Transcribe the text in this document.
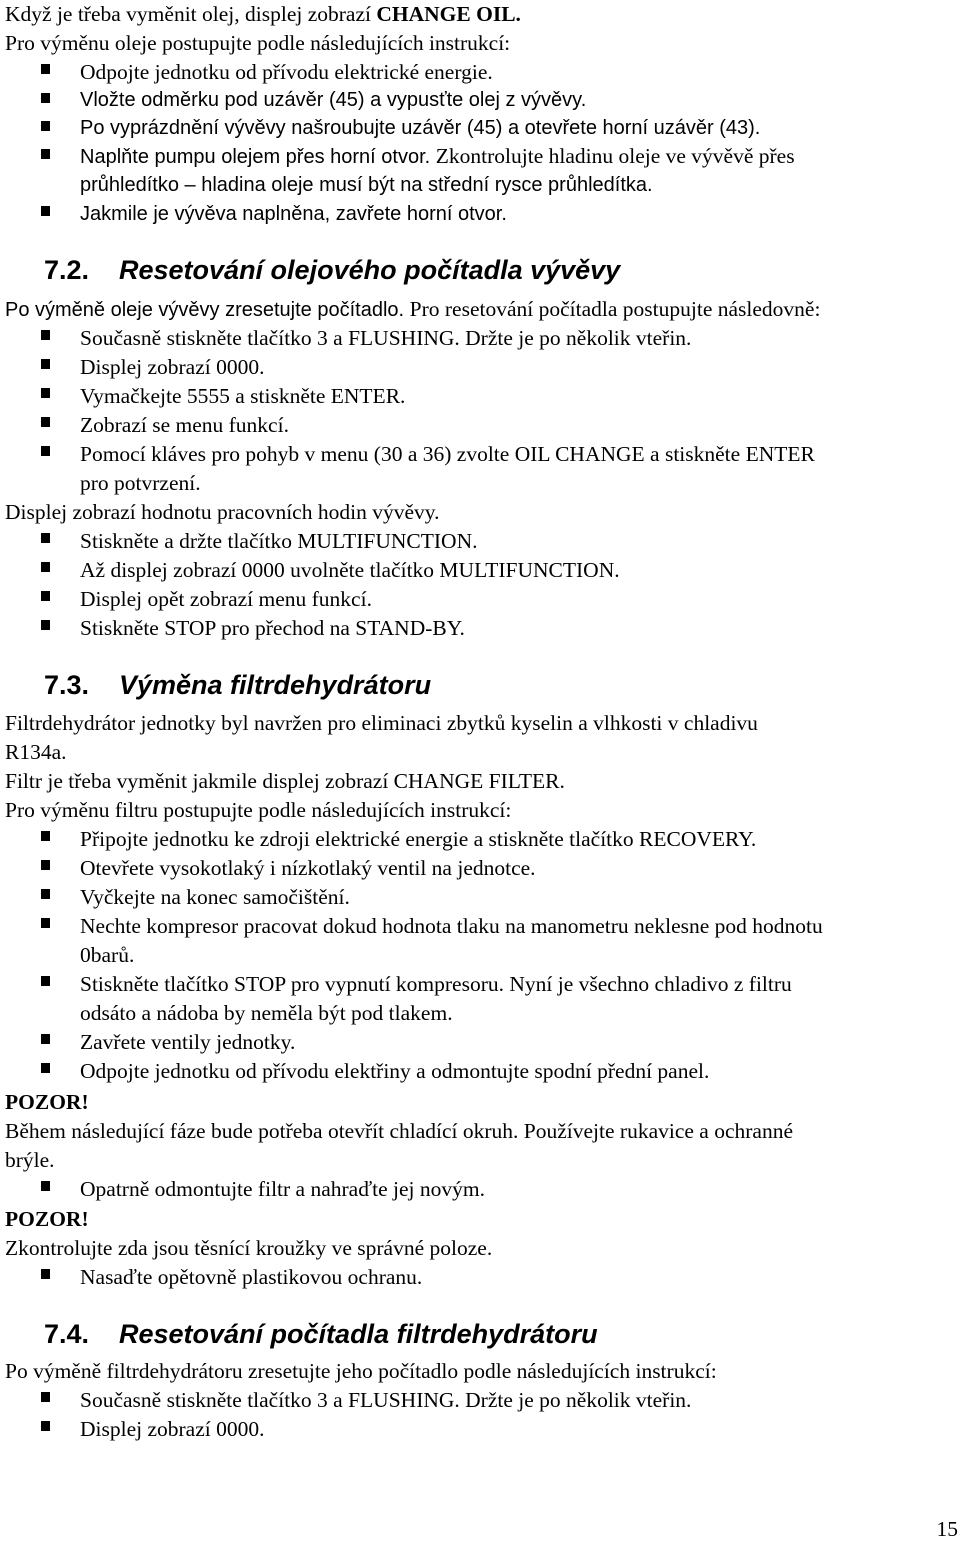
Když je třeba vyměnit olej, displej zobrazí CHANGE OIL.
Pro výměnu oleje postupujte podle následujících instrukcí:
Odpojte jednotku od přívodu elektrické energie.
Vložte odměrku pod uzávěr (45) a vypusťte olej z vývěvy.
Po vyprázdnění vývěvy našroubujte uzávěr (45) a otevřete horní uzávěr (43).
Naplňte pumpu olejem přes horní otvor. Zkontrolujte hladinu oleje ve vývěvě přes
průhledítko – hladina oleje musí být na střední rysce průhledítka.
Jakmile je vývěva naplněna, zavřete horní otvor.
7.2. Resetování olejového počítadla vývěvy
Po výměně oleje vývěvy zresetujte počítadlo. Pro resetování počítadla postupujte následovně:
Současně stiskněte tlačítko 3 a FLUSHING. Držte je po několik vteřin.
Displej zobrazí 0000.
Vymačkejte 5555 a stiskněte ENTER.
Zobrazí se menu funkcí.
Pomocí kláves pro pohyb v menu (30 a 36) zvolte OIL CHANGE a stiskněte ENTER
pro potvrzení.
Displej zobrazí hodnotu pracovních hodin vývěvy.
Stiskněte a držte tlačítko MULTIFUNCTION.
Až displej zobrazí 0000 uvolněte tlačítko MULTIFUNCTION.
Displej opět zobrazí menu funkcí.
Stiskněte STOP pro přechod na STAND-BY.
7.3. Výměna filtrdehydrátoru
Filtrdehydrátor jednotky byl navržen pro eliminaci zbytků kyselin a vlhkosti v chladivu
R134a.
Filtr je třeba vyměnit jakmile displej zobrazí CHANGE FILTER.
Pro výměnu filtru postupujte podle následujících instrukcí:
Připojte jednotku ke zdroji elektrické energie a stiskněte tlačítko RECOVERY.
Otevřete vysokotlaký i nízkotlaký ventil na jednotce.
Vyčkejte na konec samočištění.
Nechte kompresor pracovat dokud hodnota tlaku na manometru neklesne pod hodnotu
0barů.
Stiskněte tlačítko STOP pro vypnutí kompresoru. Nyní je všechno chladivo z filtru
odsáto a nádoba by neměla být pod tlakem.
Zavřete ventily jednotky.
Odpojte jednotku od přívodu elektřiny a odmontujte spodní přední panel.
POZOR!
Během následující fáze bude potřeba otevřít chladící okruh. Používejte rukavice a ochranné
brýle.
Opatrně odmontujte filtr a nahraďte jej novým.
POZOR!
Zkontrolujte zda jsou těsnící kroužky ve správné poloze.
Nasaďte opětovně plastikovou ochranu.
7.4. Resetování počítadla filtrdehydrátoru
Po výměně filtrdehydrátoru zresetujte jeho počítadlo podle následujících instrukcí:
Současně stiskněte tlačítko 3 a FLUSHING. Držte je po několik vteřin.
Displej zobrazí 0000.
15
